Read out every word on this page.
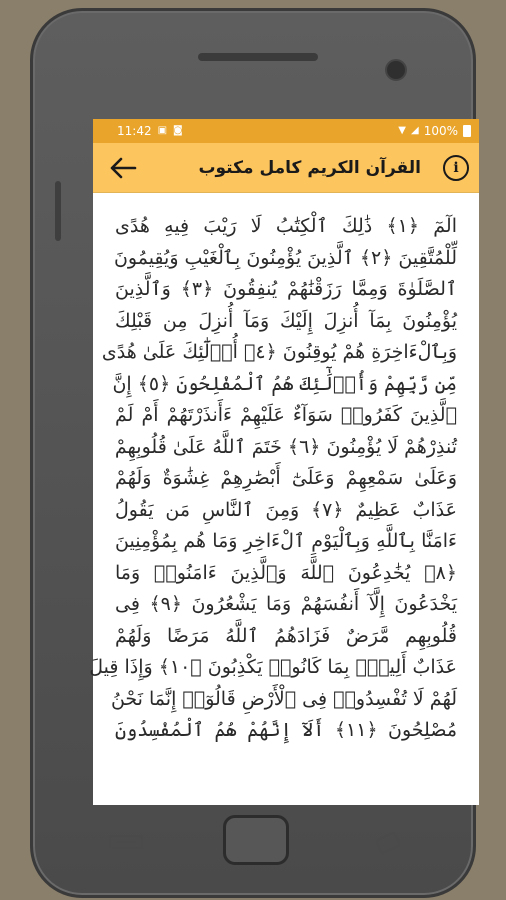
11:42 ▣ ◙	▼ ◢ 100%
القرآن الكريم كامل مكتوب	i
الٓمٓ ﴿١﴾ ذَٰلِكَ ٱلْكِتَٰبُ لَا رَيْبَ فِيهِ هُدًى
لِّلْمُتَّقِينَ ﴿٢﴾ ٱلَّذِينَ يُؤْمِنُونَ بِٱلْغَيْبِ وَيُقِيمُونَ
ٱلصَّلَوٰةَ وَمِمَّا رَزَقْنَٰهُمْ يُنفِقُونَ ﴿٣﴾ وَٱلَّذِينَ
يُؤْمِنُونَ بِمَآ أُنزِلَ إِلَيْكَ وَمَآ أُنزِلَ مِن قَبْلِكَ
وَبِٱلْءَاخِرَةِ هُمْ يُوقِنُونَ ﴿٤﴾ أُو۟لَٰٓئِكَ عَلَىٰ هُدًى
مِّن رَّبِّهِمْ وَأُو۟لَٰٓئِكَ هُمُ ٱلْمُفْلِحُونَ ﴿٥﴾ إِنَّ
ٱلَّذِينَ كَفَرُوا۟ سَوَآءٌ عَلَيْهِمْ ءَأَنذَرْتَهُمْ أَمْ لَمْ
تُنذِرْهُمْ لَا يُؤْمِنُونَ ﴿٦﴾ خَتَمَ ٱللَّهُ عَلَىٰ قُلُوبِهِمْ
وَعَلَىٰ سَمْعِهِمْ وَعَلَىٰٓ أَبْصَٰرِهِمْ غِشَٰوَةٌ وَلَهُمْ
عَذَابٌ عَظِيمٌ ﴿٧﴾ وَمِنَ ٱلنَّاسِ مَن يَقُولُ
ءَامَنَّا بِٱللَّهِ وَبِٱلْيَوْمِ ٱلْءَاخِرِ وَمَا هُم بِمُؤْمِنِينَ
﴿٨﴾ يُخَٰدِعُونَ ٱللَّهَ وَٱلَّذِينَ ءَامَنُوا۟ وَمَا
يَخْدَعُونَ إِلَّآ أَنفُسَهُمْ وَمَا يَشْعُرُونَ ﴿٩﴾ فِى
قُلُوبِهِم مَّرَضٌ فَزَادَهُمُ ٱللَّهُ مَرَضًا وَلَهُمْ
عَذَابٌ أَلِيمٌۢ بِمَا كَانُوا۟ يَكْذِبُونَ ﴿١٠﴾ وَإِذَا قِيلَ
لَهُمْ لَا تُفْسِدُوا۟ فِى ٱلْأَرْضِ قَالُوٓا۟ إِنَّمَا نَحْنُ
مُصْلِحُونَ ﴿١١﴾ أَلَآ إِنَّهُمْ هُمُ ٱلْمُفْسِدُونَ
